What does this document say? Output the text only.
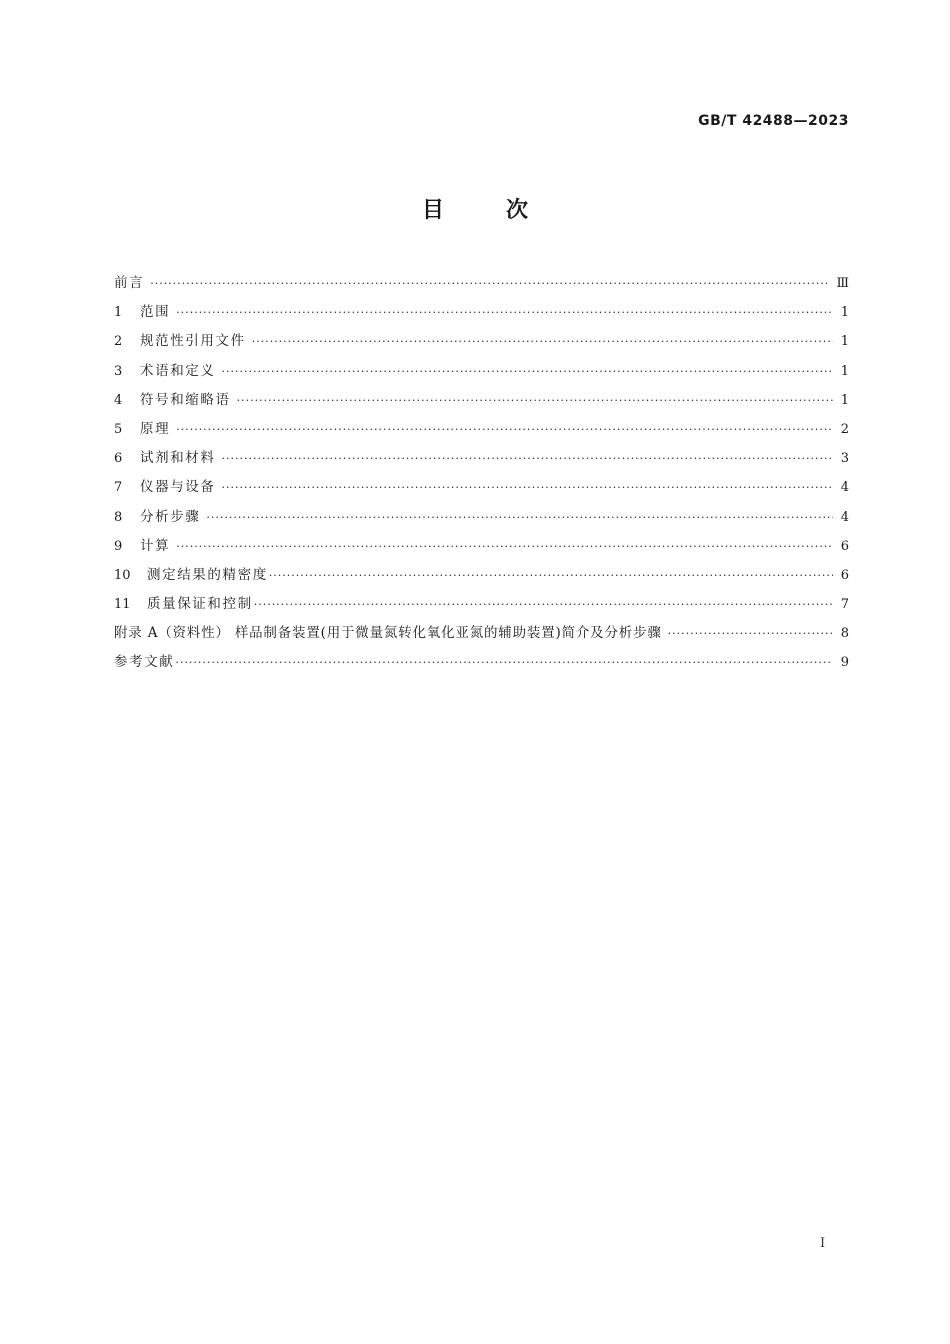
GB/T 42488—2023
目	次
前言 ·····	Ⅲ
1	范围 ·····	1
2	规范性引用文件 ·····	1
3	术语和定义 ·····	1
4	符号和缩略语 ·····	1
5	原理 ·····	2
6	试剂和材料 ·····	3
7	仪器与设备 ·····	4
8	分析步骤 ·····	4
9	计算 ·····	6
10	测定结果的精密度 ·····	6
11	质量保证和控制 ·····	7
附录 A（资料性） 样品制备装置(用于微量氮转化氧化亚氮的辅助装置)简介及分析步骤 ·····	8
参考文献 ·····	9
I
